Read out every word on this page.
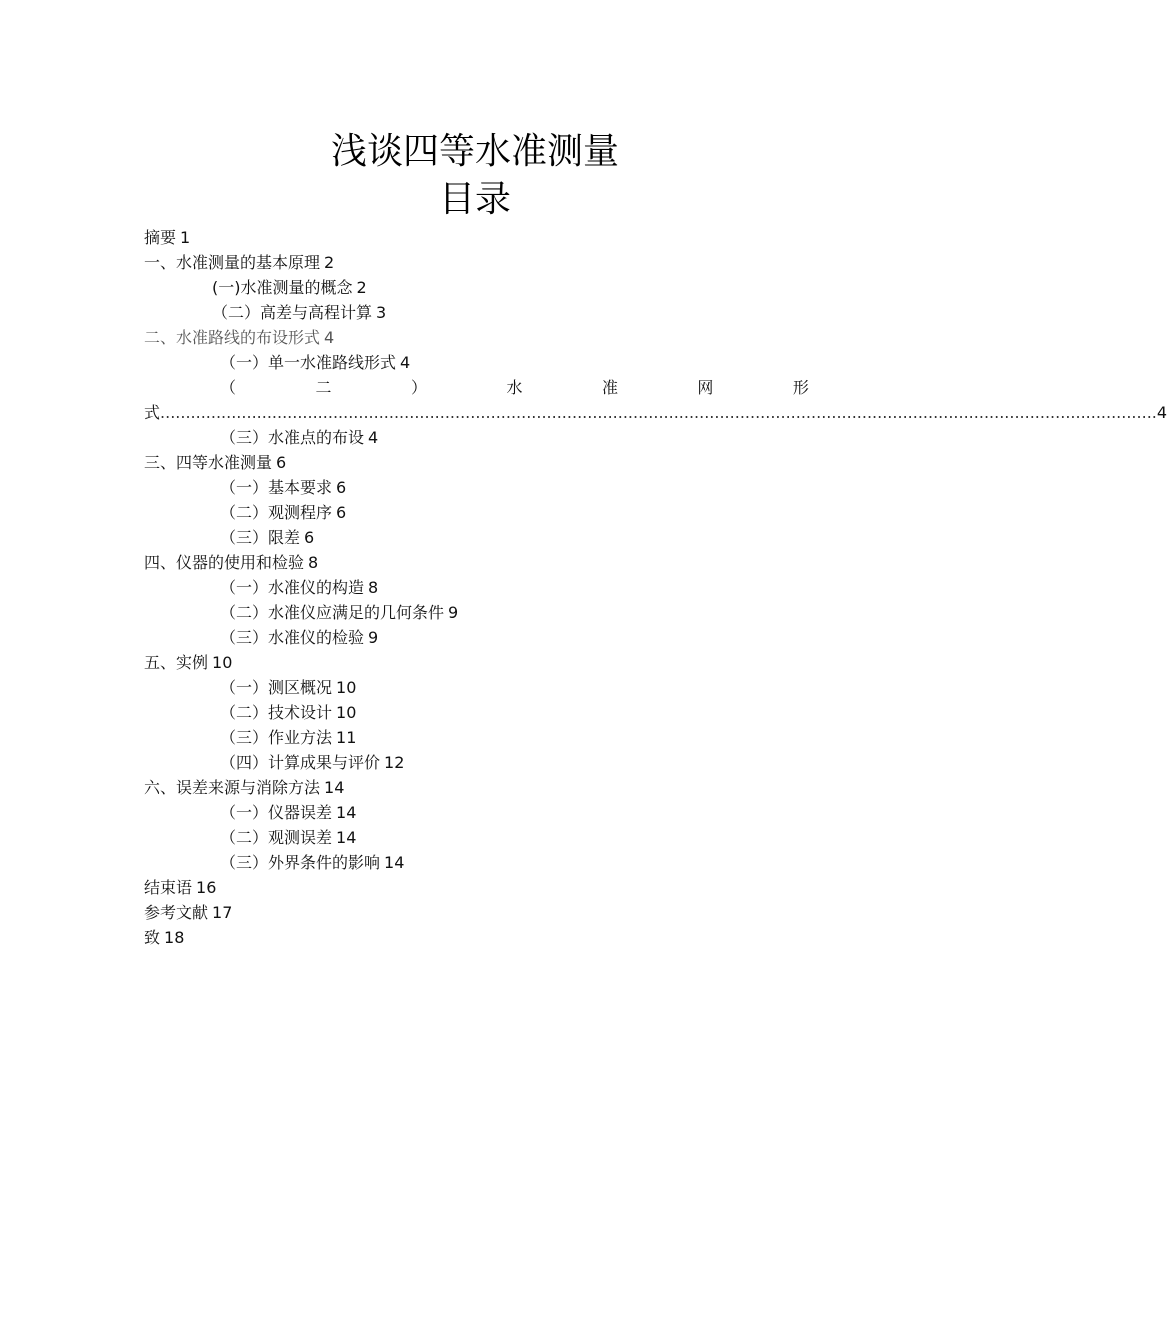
浅谈四等水准测量
目录
摘要 1
一、水准测量的基本原理 2
(一)水准测量的概念 2
（二）高差与高程计算 3
二、水准路线的布设形式 4
（一）单一水准路线形式 4
（	二	）	水	准	网	形
式 .................................................................................................................................................................................................... 4
（三）水准点的布设 4
三、四等水准测量 6
（一）基本要求 6
（二）观测程序 6
（三）限差 6
四、仪器的使用和检验 8
（一）水准仪的构造 8
（二）水准仪应满足的几何条件 9
（三）水准仪的检验 9
五、实例 10
（一）测区概况 10
（二）技术设计 10
（三）作业方法 11
（四）计算成果与评价 12
六、误差来源与消除方法 14
（一）仪器误差 14
（二）观测误差 14
（三）外界条件的影响 14
结束语 16
参考文献 17
致 18
